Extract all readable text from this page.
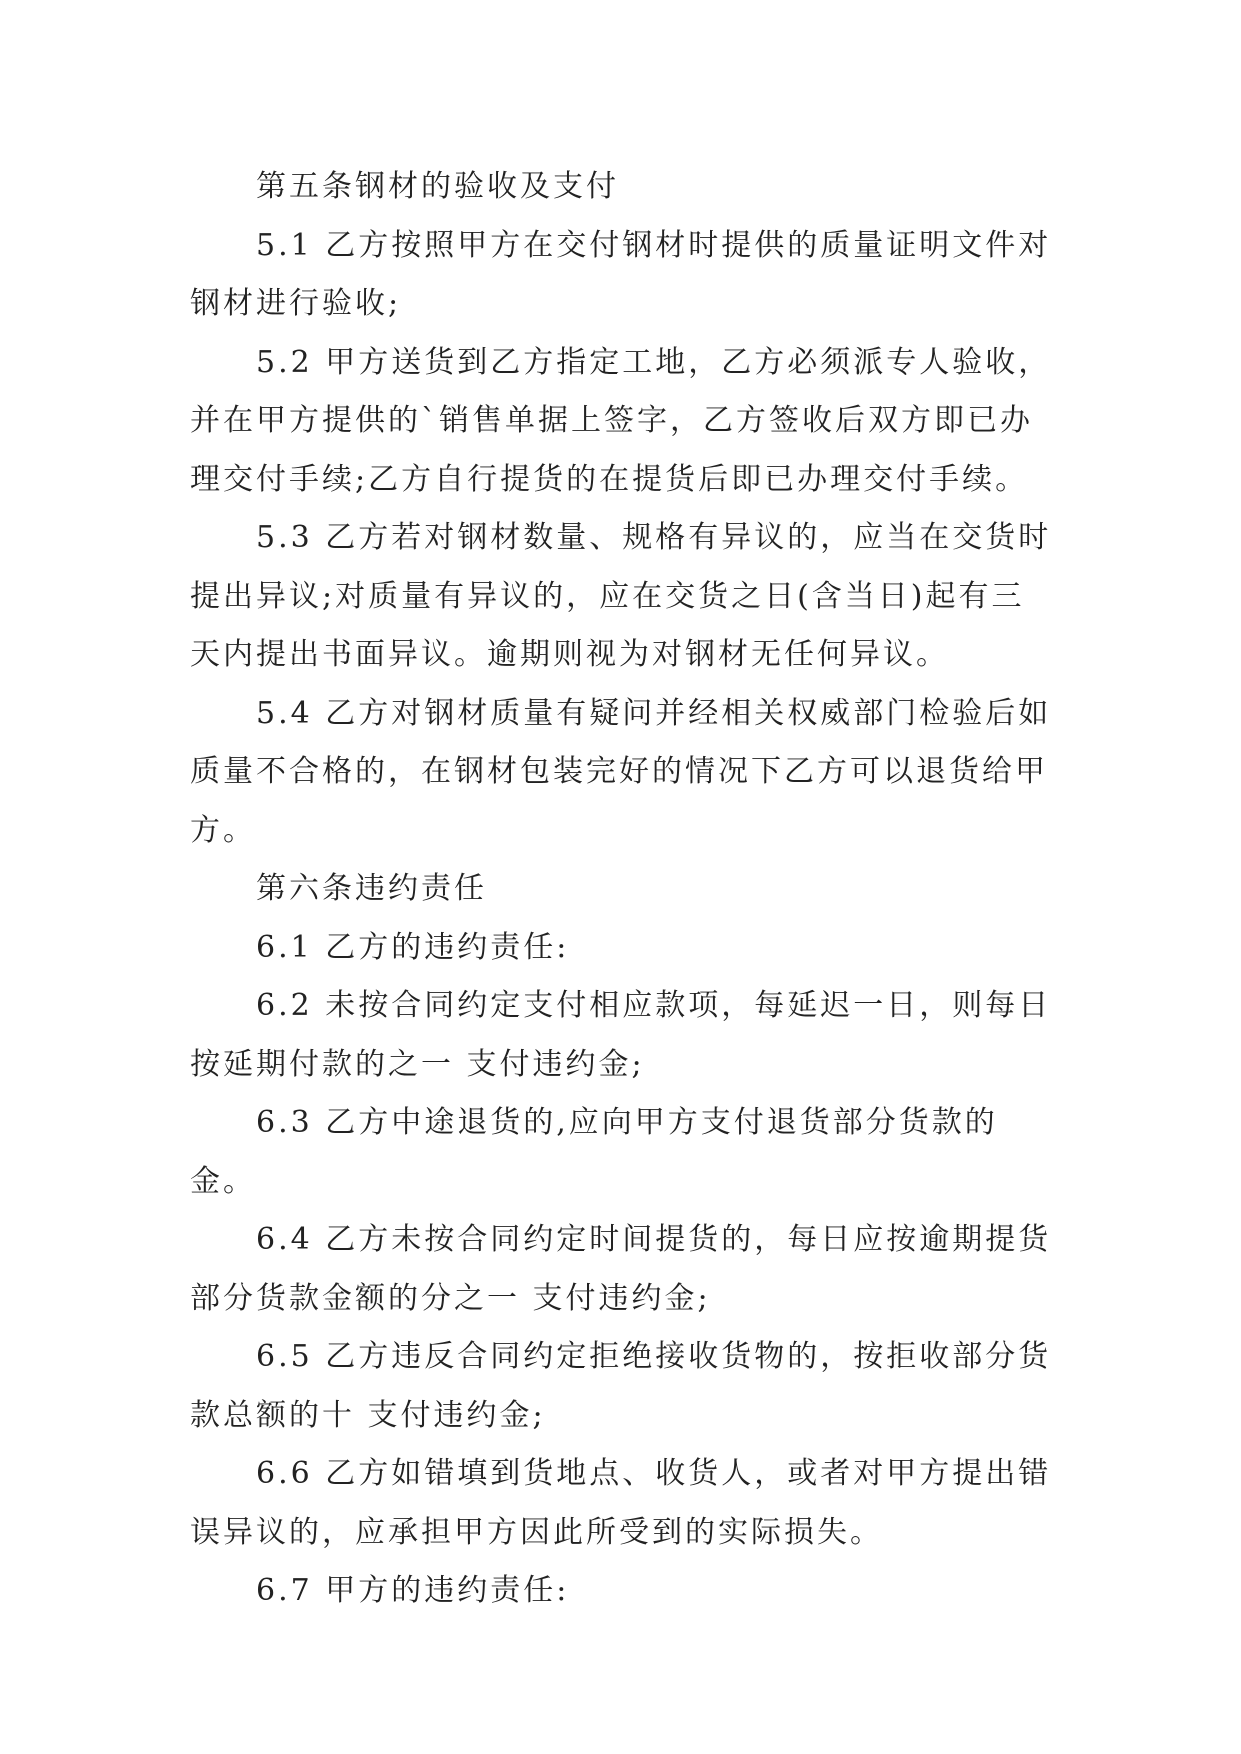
第五条钢材的验收及支付

5.1 乙方按照甲方在交付钢材时提供的质量证明文件对钢材进行验收;

5.2 甲方送货到乙方指定工地，乙方必须派专人验收，并在甲方提供的`销售单据上签字，乙方签收后双方即已办理交付手续;乙方自行提货的在提货后即已办理交付手续。

5.3 乙方若对钢材数量、规格有异议的，应当在交货时提出异议;对质量有异议的，应在交货之日(含当日)起有三天内提出书面异议。逾期则视为对钢材无任何异议。

5.4 乙方对钢材质量有疑问并经相关权威部门检验后如质量不合格的，在钢材包装完好的情况下乙方可以退货给甲方。

第六条违约责任

6.1 乙方的违约责任:

6.2 未按合同约定支付相应款项，每延迟一日，则每日按延期付款的之一 支付违约金;

6.3 乙方中途退货的,应向甲方支付退货部分货款的金。

6.4 乙方未按合同约定时间提货的，每日应按逾期提货部分货款金额的分之一 支付违约金;

6.5 乙方违反合同约定拒绝接收货物的，按拒收部分货款总额的十 支付违约金;

6.6 乙方如错填到货地点、收货人，或者对甲方提出错误异议的，应承担甲方因此所受到的实际损失。

6.7 甲方的违约责任:
